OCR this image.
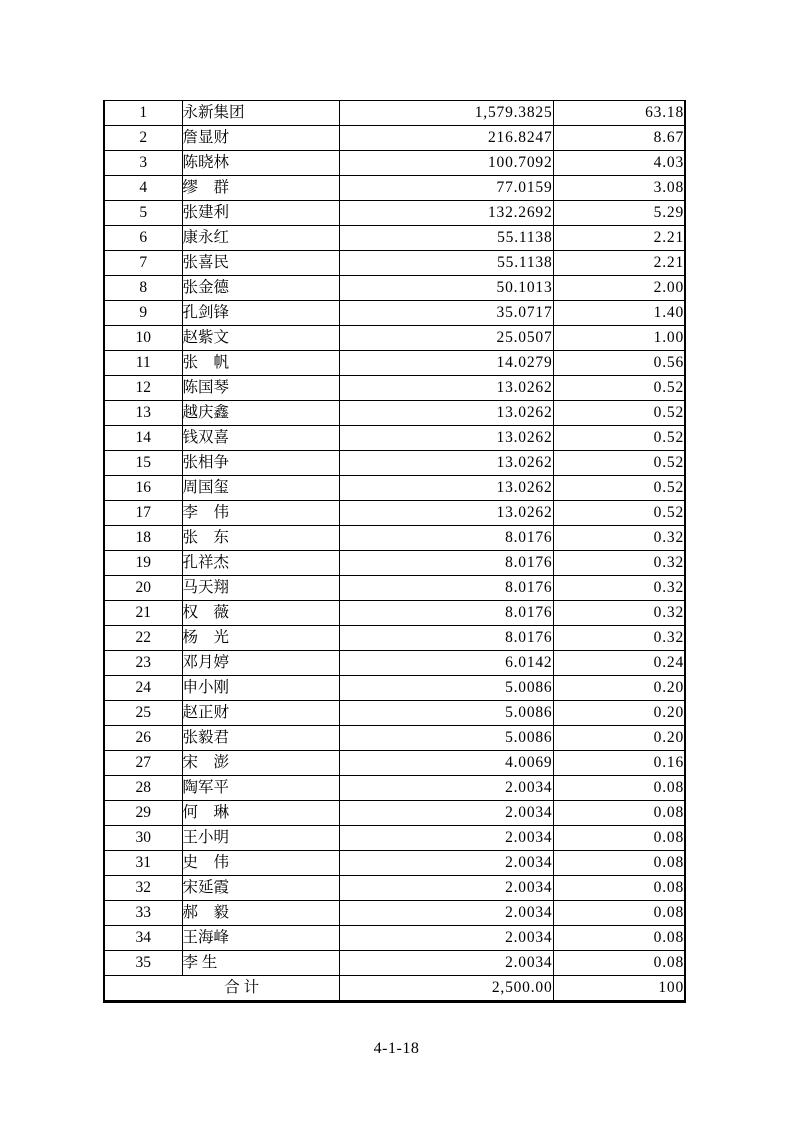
1	永新集团	1,579.3825	63.18
2	詹显财	216.8247	8.67
3	陈晓林	100.7092	4.03
4	缪　群	77.0159	3.08
5	张建利	132.2692	5.29
6	康永红	55.1138	2.21
7	张喜民	55.1138	2.21
8	张金德	50.1013	2.00
9	孔剑锋	35.0717	1.40
10	赵紫文	25.0507	1.00
11	张　帆	14.0279	0.56
12	陈国琴	13.0262	0.52
13	越庆鑫	13.0262	0.52
14	钱双喜	13.0262	0.52
15	张相争	13.0262	0.52
16	周国玺	13.0262	0.52
17	李　伟	13.0262	0.52
18	张　东	8.0176	0.32
19	孔祥杰	8.0176	0.32
20	马天翔	8.0176	0.32
21	权　薇	8.0176	0.32
22	杨　光	8.0176	0.32
23	邓月婷	6.0142	0.24
24	申小刚	5.0086	0.20
25	赵正财	5.0086	0.20
26	张毅君	5.0086	0.20
27	宋　澎	4.0069	0.16
28	陶军平	2.0034	0.08
29	何　琳	2.0034	0.08
30	王小明	2.0034	0.08
31	史　伟	2.0034	0.08
32	宋延霞	2.0034	0.08
33	郝　毅	2.0034	0.08
34	王海峰	2.0034	0.08
35	李 生	2.0034	0.08
合 计		2,500.00	100
4-1-18
